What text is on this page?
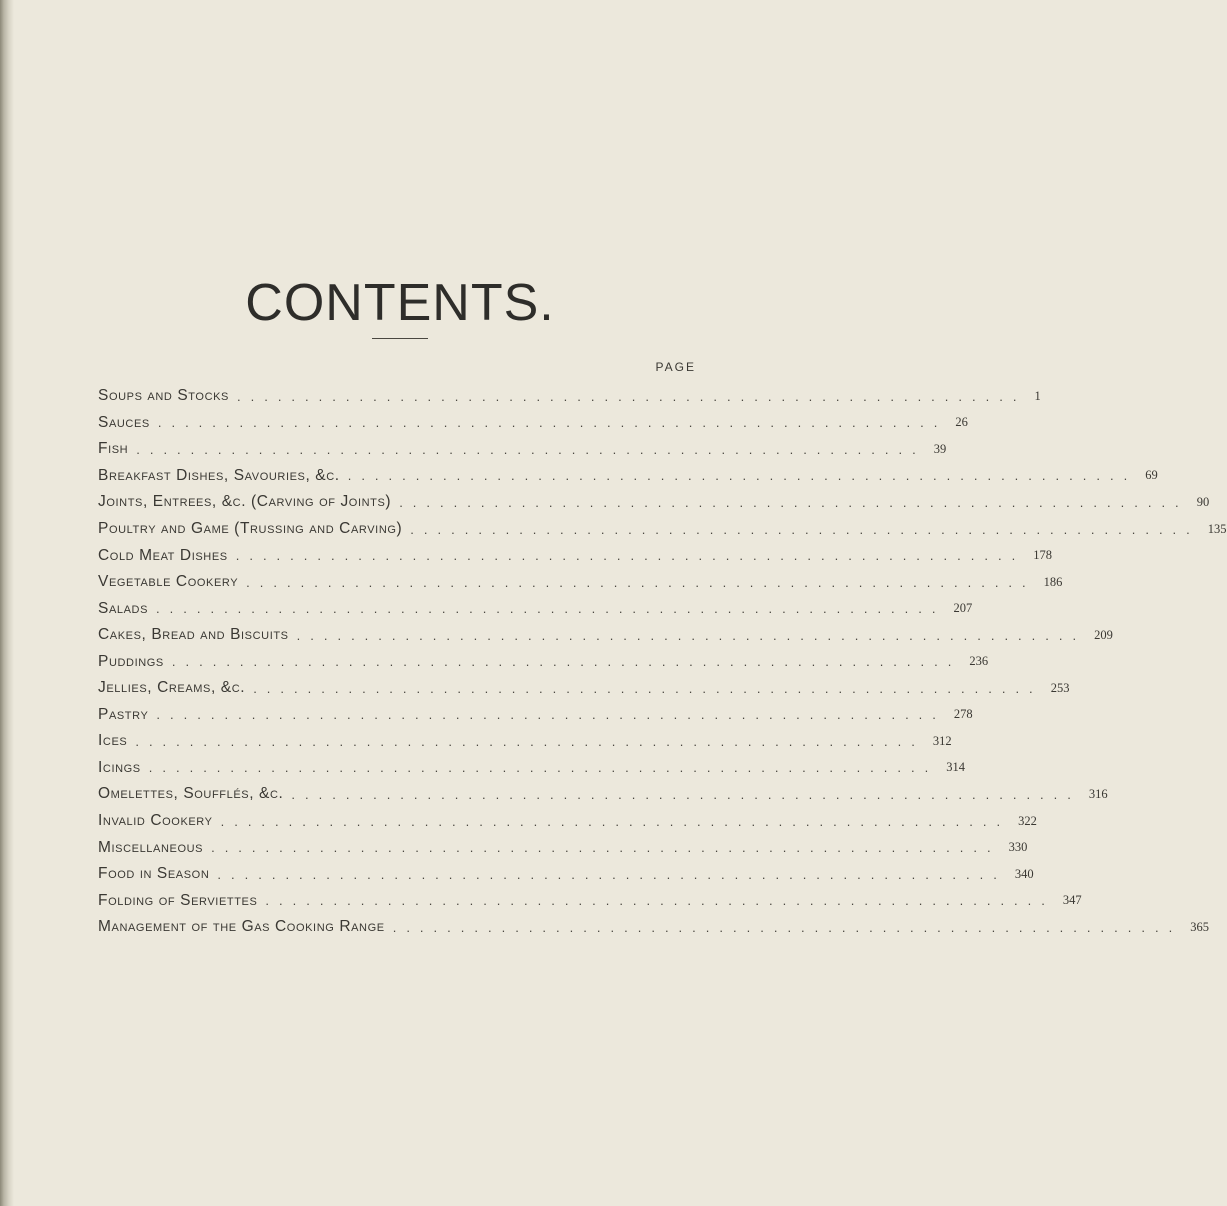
CONTENTS.
PAGE
Soups and Stocks .......................................................... 1
Sauces .......................................................... 26
Fish .......................................................... 39
Breakfast Dishes, Savouries, &c. .......................................................... 69
Joints, Entrees, &c. (Carving of Joints) .......................................................... 90
Poultry and Game (Trussing and Carving) .......................................................... 135
Cold Meat Dishes .......................................................... 178
Vegetable Cookery .......................................................... 186
Salads .......................................................... 207
Cakes, Bread and Biscuits .......................................................... 209
Puddings .......................................................... 236
Jellies, Creams, &c. .......................................................... 253
Pastry .......................................................... 278
Ices .......................................................... 312
Icings .......................................................... 314
Omelettes, Soufflés, &c. .......................................................... 316
Invalid Cookery .......................................................... 322
Miscellaneous .......................................................... 330
Food in Season .......................................................... 340
Folding of Serviettes .......................................................... 347
Management of the Gas Cooking Range .......................................................... 365
